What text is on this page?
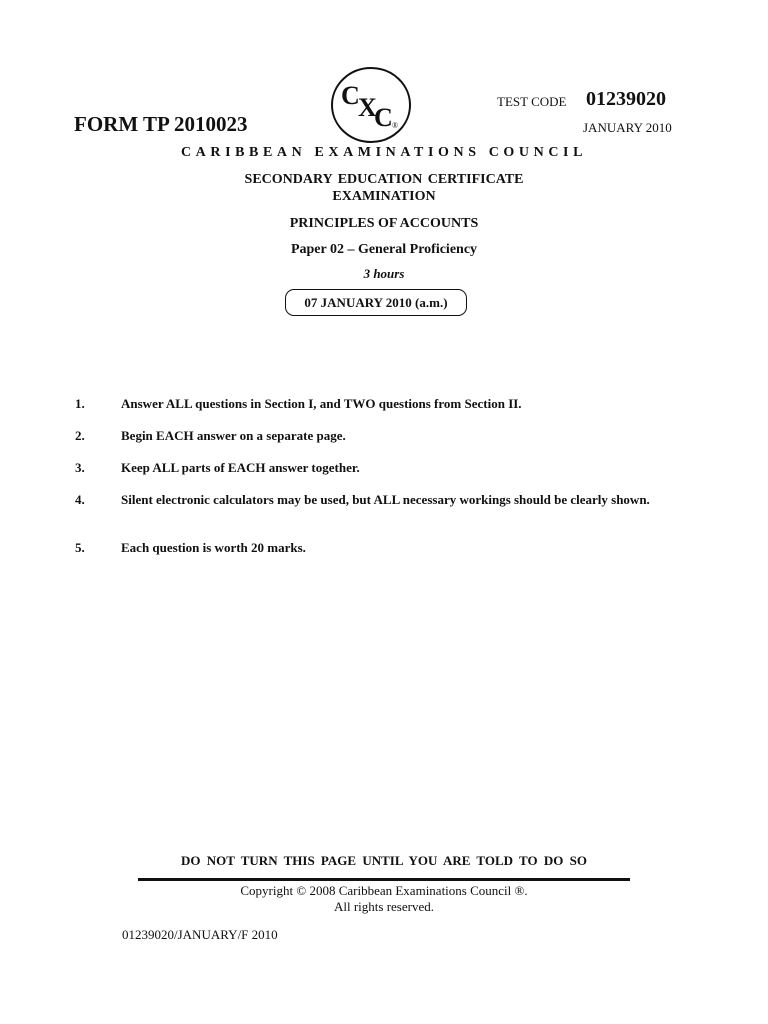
FORM TP 2010023
C
X
C ®
TEST CODE 01239020
JANUARY 2010
CARIBBEAN EXAMINATIONS COUNCIL
SECONDARY EDUCATION CERTIFICATE
EXAMINATION
PRINCIPLES OF ACCOUNTS
Paper 02 – General Proficiency
3 hours
07 JANUARY 2010 (a.m.)
1.	Answer ALL questions in Section I, and TWO questions from Section II.
2.	Begin EACH answer on a separate page.
3.	Keep ALL parts of EACH answer together.
4.	Silent electronic calculators may be used, but ALL necessary workings should be clearly shown.
5.	Each question is worth 20 marks.
DO NOT TURN THIS PAGE UNTIL YOU ARE TOLD TO DO SO
Copyright © 2008 Caribbean Examinations Council ®.
All rights reserved.
01239020/JANUARY/F 2010
